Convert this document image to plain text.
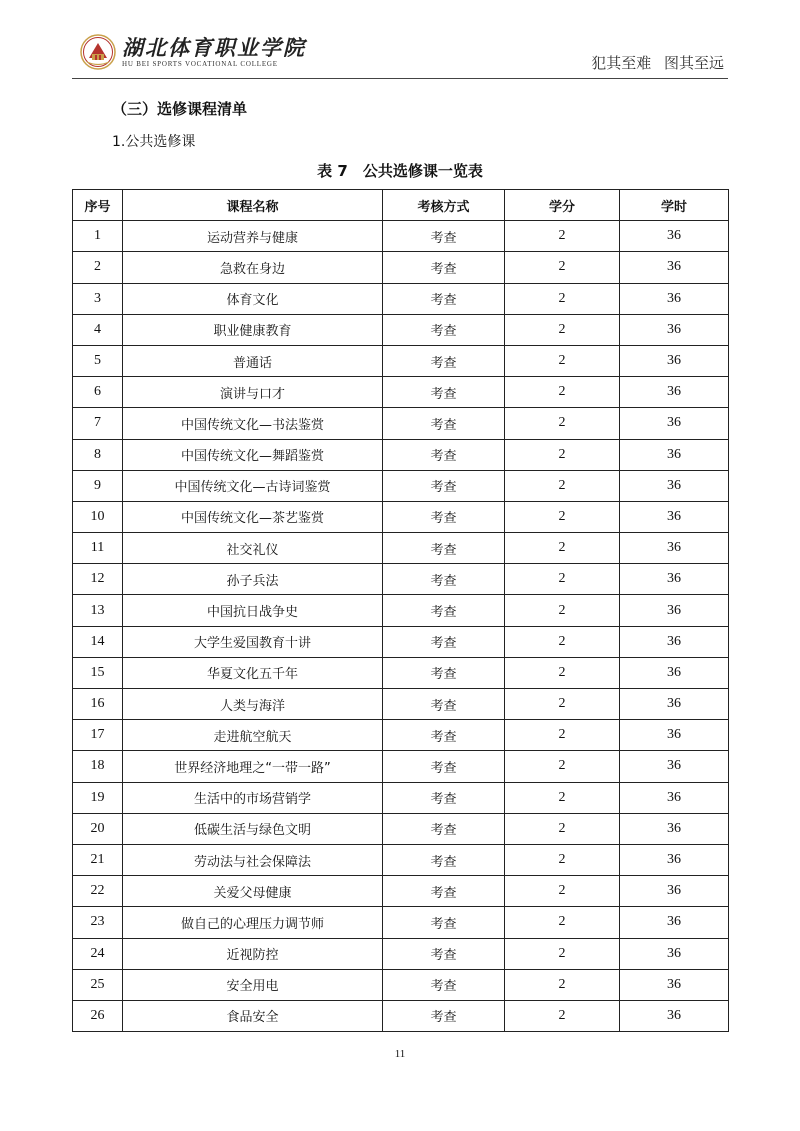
湖北体育职业学院
HU BEI SPORTS VOCATIONAL COLLEGE	犯其至难 图其至远
（三）选修课程清单
1.公共选修课
表 7　公共选修课一览表
序号	课程名称	考核方式	学分	学时
1	运动营养与健康	考查	2	36
2	急救在身边	考查	2	36
3	体育文化	考查	2	36
4	职业健康教育	考查	2	36
5	普通话	考查	2	36
6	演讲与口才	考查	2	36
7	中国传统文化—书法鉴赏	考查	2	36
8	中国传统文化—舞蹈鉴赏	考查	2	36
9	中国传统文化—古诗词鉴赏	考查	2	36
10	中国传统文化—茶艺鉴赏	考查	2	36
11	社交礼仪	考查	2	36
12	孙子兵法	考查	2	36
13	中国抗日战争史	考查	2	36
14	大学生爱国教育十讲	考查	2	36
15	华夏文化五千年	考查	2	36
16	人类与海洋	考查	2	36
17	走进航空航天	考查	2	36
18	世界经济地理之“一带一路”	考查	2	36
19	生活中的市场营销学	考查	2	36
20	低碳生活与绿色文明	考查	2	36
21	劳动法与社会保障法	考查	2	36
22	关爱父母健康	考查	2	36
23	做自己的心理压力调节师	考查	2	36
24	近视防控	考查	2	36
25	安全用电	考查	2	36
26	食品安全	考查	2	36
11
